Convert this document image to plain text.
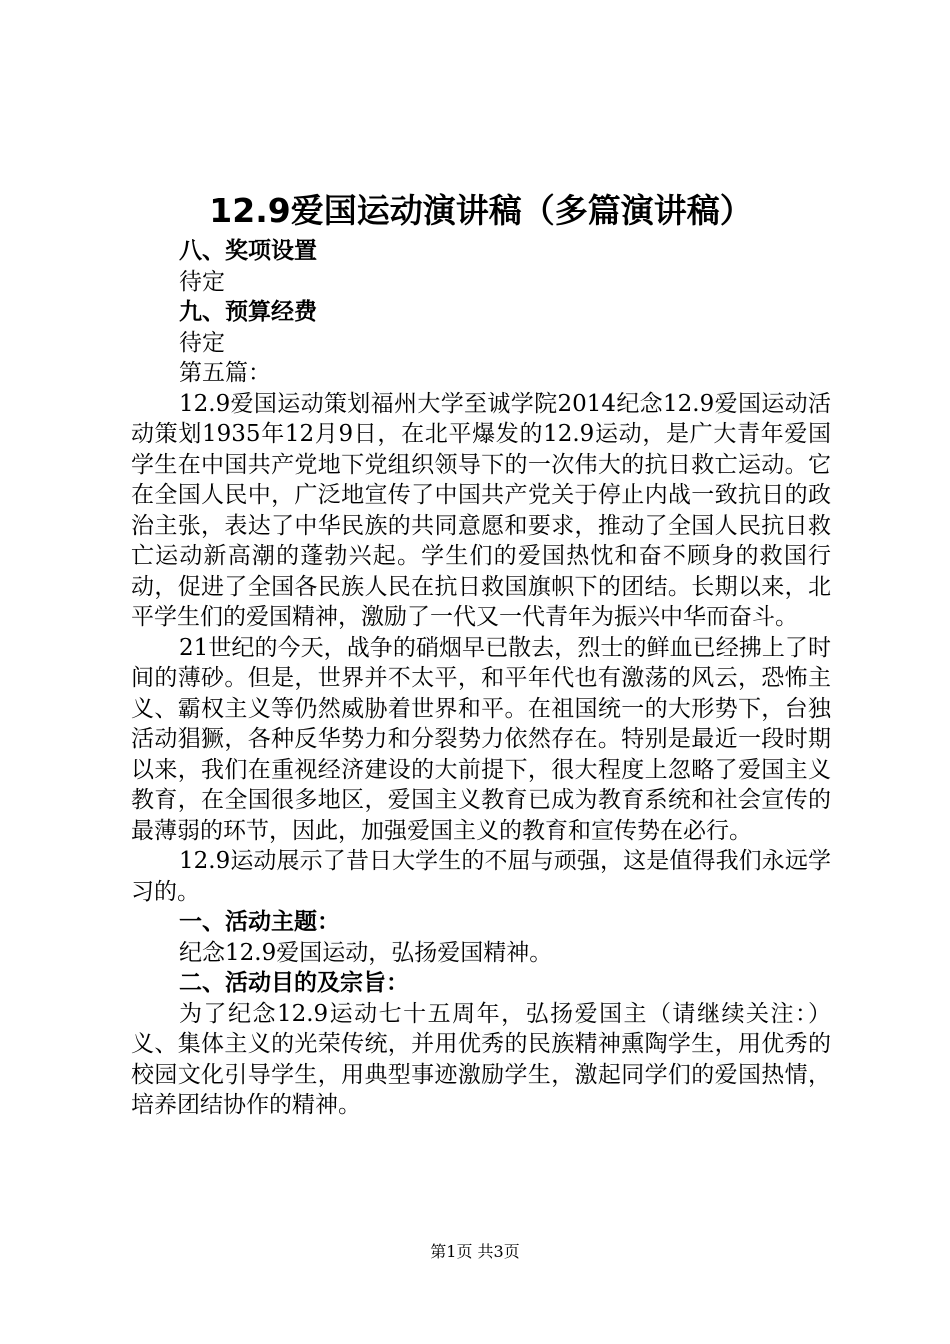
12.9爱国运动演讲稿（多篇演讲稿）

八、奖项设置

待定

九、预算经费

待定

第五篇：

12.9爱国运动策划福州大学至诚学院2014纪念12.9爱国运动活动策划1935年12月9日，在北平爆发的12.9运动，是广大青年爱国学生在中国共产党地下党组织领导下的一次伟大的抗日救亡运动。它在全国人民中，广泛地宣传了中国共产党关于停止内战一致抗日的政治主张，表达了中华民族的共同意愿和要求，推动了全国人民抗日救亡运动新高潮的蓬勃兴起。学生们的爱国热忱和奋不顾身的救国行动，促进了全国各民族人民在抗日救国旗帜下的团结。长期以来，北平学生们的爱国精神，激励了一代又一代青年为振兴中华而奋斗。

21世纪的今天，战争的硝烟早已散去，烈士的鲜血已经拂上了时间的薄砂。但是，世界并不太平，和平年代也有激荡的风云，恐怖主义、霸权主义等仍然威胁着世界和平。在祖国统一的大形势下，台独活动猖獗，各种反华势力和分裂势力依然存在。特别是最近一段时期以来，我们在重视经济建设的大前提下，很大程度上忽略了爱国主义教育，在全国很多地区，爱国主义教育已成为教育系统和社会宣传的最薄弱的环节，因此，加强爱国主义的教育和宣传势在必行。

12.9运动展示了昔日大学生的不屈与顽强，这是值得我们永远学习的。

一、活动主题：

纪念12.9爱国运动，弘扬爱国精神。

二、活动目的及宗旨：

为了纪念12.9运动七十五周年，弘扬爱国主（请继续关注：）义、集体主义的光荣传统，并用优秀的民族精神熏陶学生，用优秀的校园文化引导学生，用典型事迹激励学生，激起同学们的爱国热情，培养团结协作的精神。

第1页 共3页
